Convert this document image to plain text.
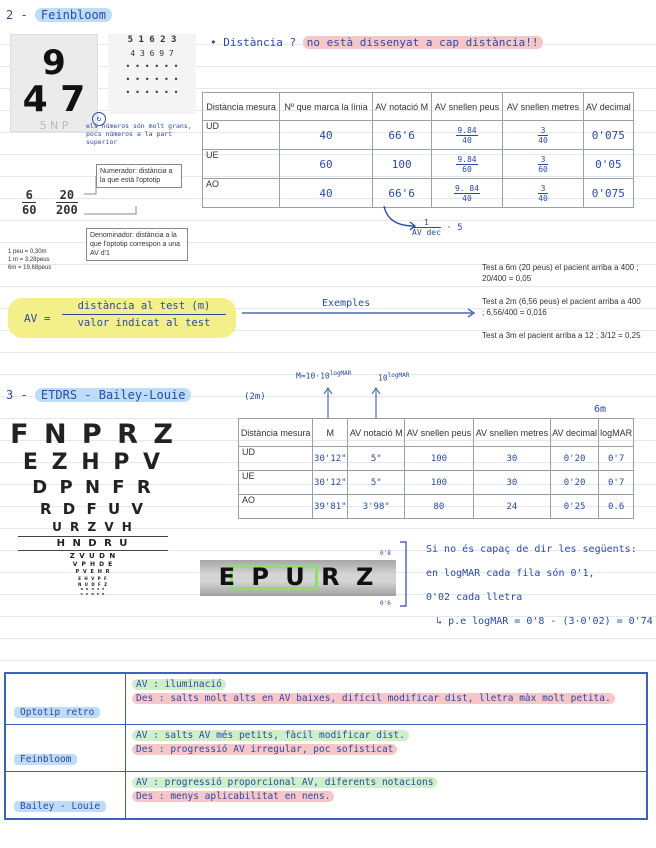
2 - Feinbloom
9
4 7
5 N P
5 1 6 2 3
4 3 6 9 7
• • • • • •
• • • • • •
• • • • • •
↻
els números són molt grans, pocs números a la part superior
• Distància ? no està dissenyat a cap distància!!
Distància mesura	Nº que marca la línia	AV notació M	AV snellen peus	AV snellen metres	AV decimal
UD	40	66'6	$\frac{9.84}{40}$	$\frac{3}{40}$	0'075
UE	60	100	$\frac{9.84}{60}$	$\frac{3}{60}$	0'05
AO	40	66'6	$\frac{9. 84}{40}$	$\frac{3}{40}$	0'075
$\frac{1}{\text{AV dec}} \cdot 5$
Numerador: distància a la que està l'optotip
Denominador: distància a la que l'optotip correspon a una AV d'1
6
60
20
200
1 peu = 0,30m
1 m = 3,28peus
6m = 19,68peus	Test a 6m (20 peus) el pacient arriba a 400 ; 20/400 = 0,05
Test a 2m (6,56 peus) el pacient arriba a 400 ; 6,56/400 = 0,016
Test a 3m el pacient arriba a 12 ; 3/12 = 0,25
AV =
distància al test (m)
valor indicat al test
Exemples
3 - ETDRS - Bailey-Louie
F N P R Z
E Z H P V
D P N F R
R D F U V
U R Z V H
H N D R U
Z V U D N
V P H D E
P V E H R
E H V P F
N U D F Z
D R H Z E
V U N P R
$M=10\cdot 10^{logMAR}$
$10^{logMAR}$
(2m)
6m
Distància mesura	M	AV notació M	AV snellen peus	AV snellen metres	AV decimal	logMAR
UD	30'12"	5"	100	30	0'20	0'7
UE	30'12"	5"	100	30	0'20	0'7
AO	39'81"	3'98"	80	24	0'25	0.6
E P U R Z
0'8
0'6
Si no és capaç de dir les següents:
en logMAR cada fila són 0'1,
0'02 cada lletra
↳ p.e logMAR = 0'8 - (3·0'02) = 0'74
Optotip retro
AV : iluminació
Des : salts molt alts en AV baixes, difícil modificar dist, lletra màx molt petita.
Feinbloom
AV : salts AV més petits, fàcil modificar dist.
Des : progressió AV irregular, poc sofisticat
Bailey - Louie
AV : progressió proporcional AV, diferents notacions
Des : menys aplicabilitat en nens.
